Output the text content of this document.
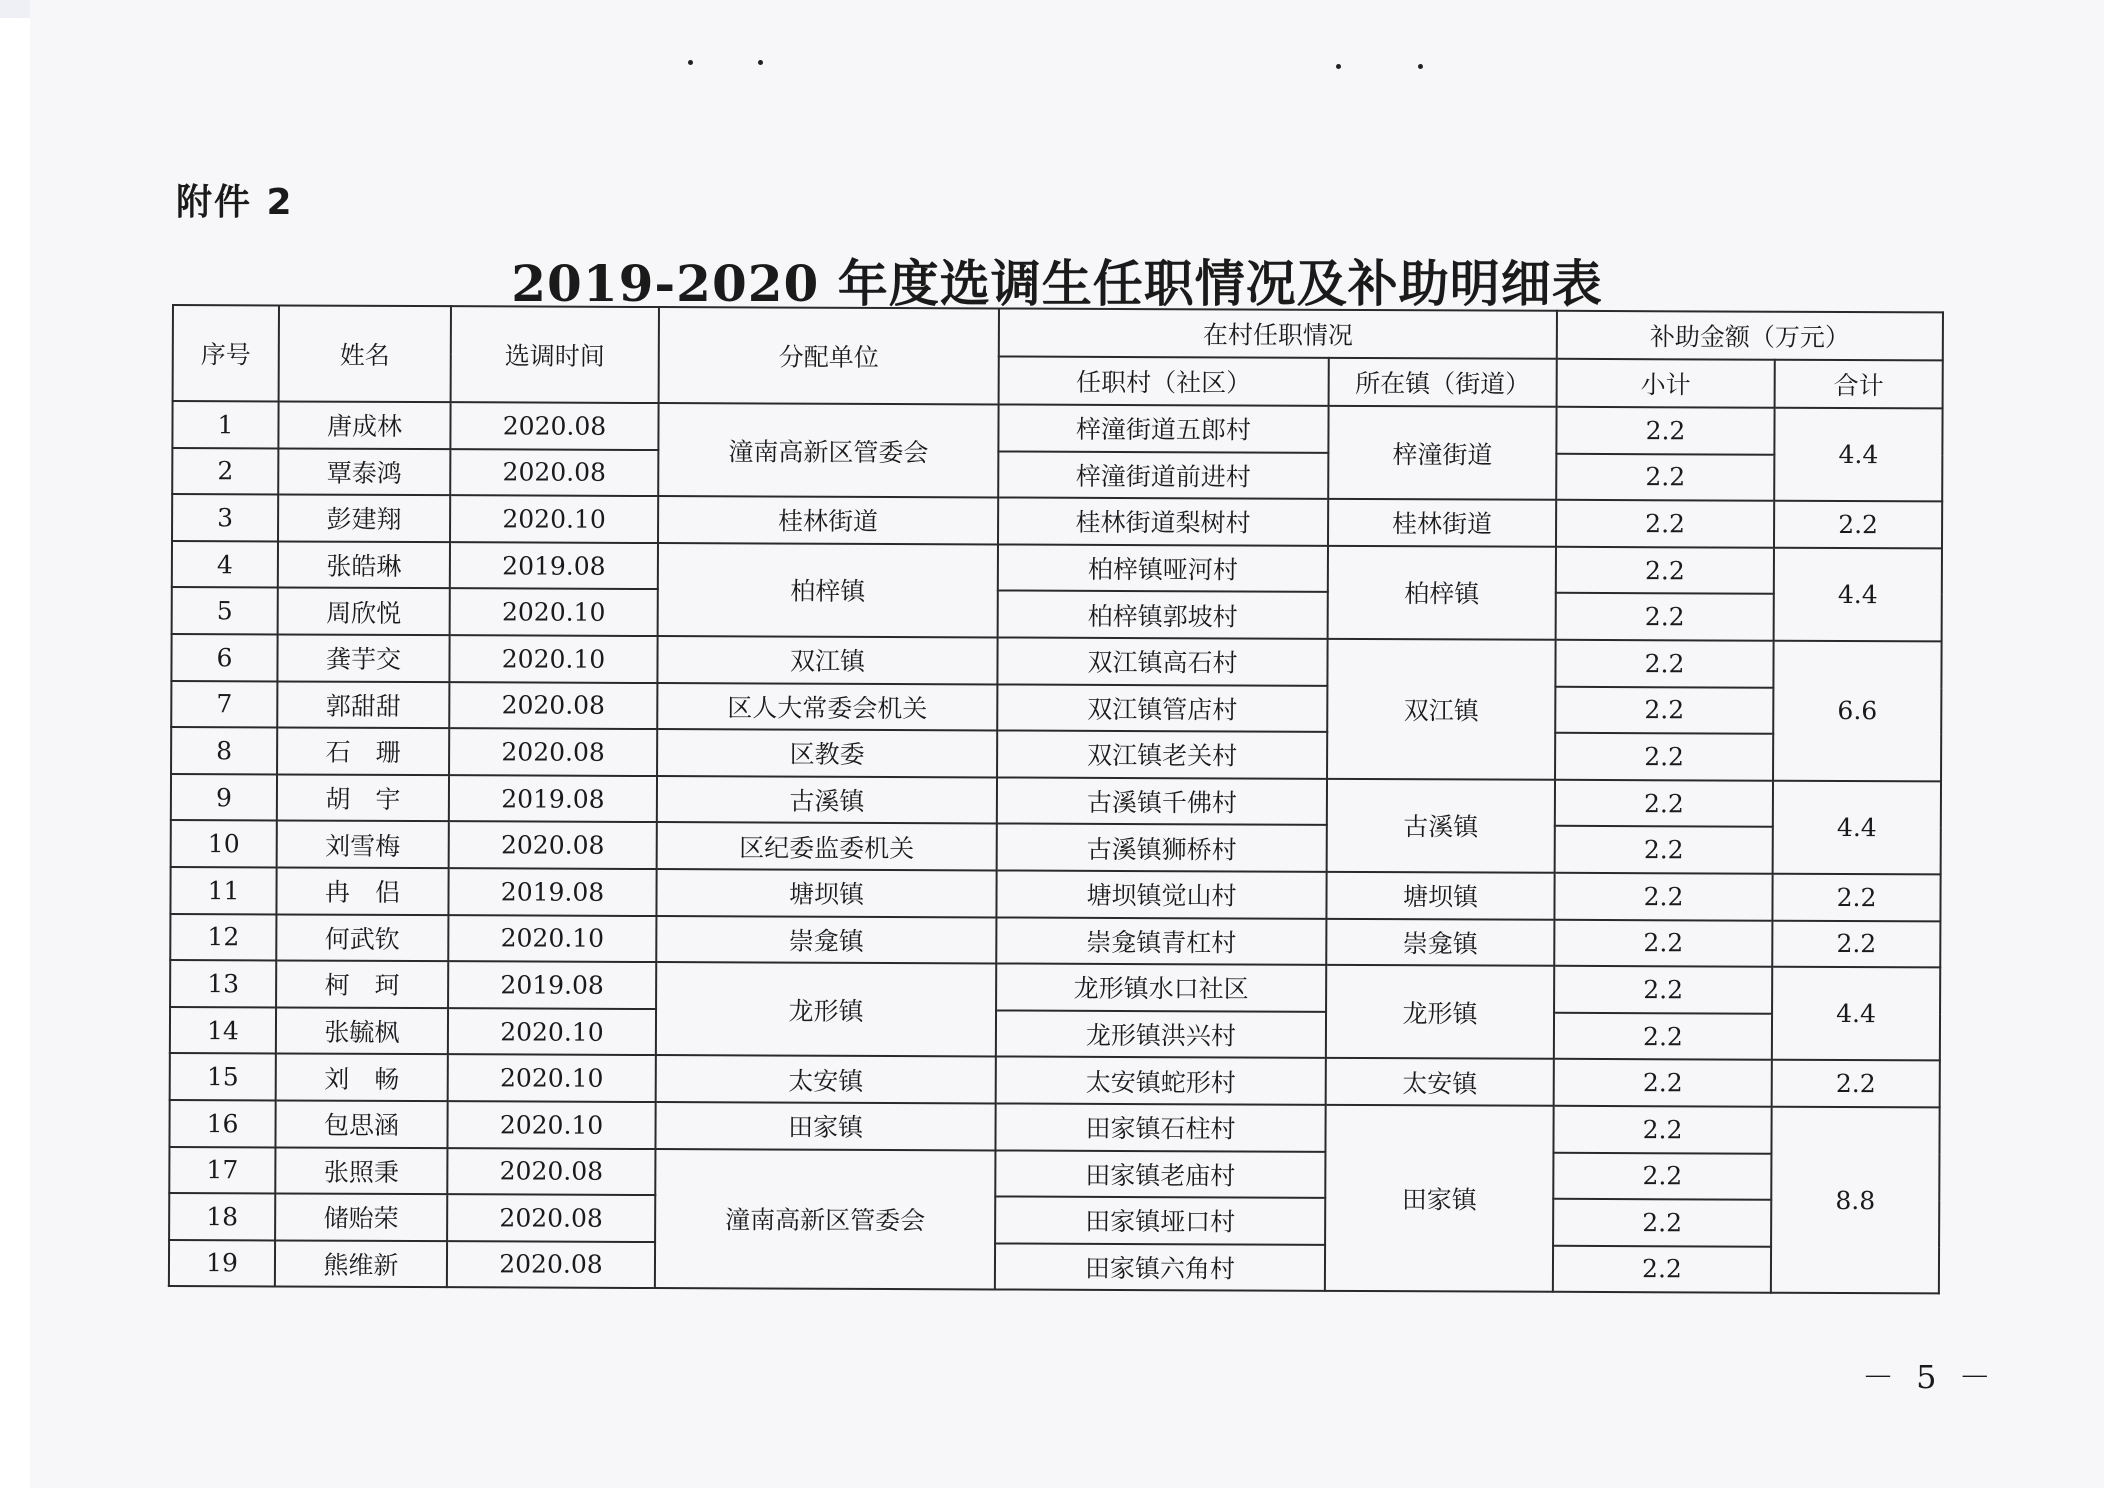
附件 2
2019-2020 年度选调生任职情况及补助明细表
序号	姓名	选调时间	分配单位	在村任职情况		补助金额（万元）	
				任职村（社区）	所在镇（街道）	小计	合计
1	唐成林	2020.08	潼南高新区管委会	梓潼街道五郎村	梓潼街道	2.2	4.4
2	覃泰鸿	2020.08		梓潼街道前进村		2.2	
3	彭建翔	2020.10	桂林街道	桂林街道梨树村	桂林街道	2.2	2.2
4	张皓琳	2019.08	柏梓镇	柏梓镇哑河村	柏梓镇	2.2	4.4
5	周欣悦	2020.10		柏梓镇郭坡村		2.2	
6	龚芋交	2020.10	双江镇	双江镇高石村	双江镇	2.2	6.6
7	郭甜甜	2020.08	区人大常委会机关	双江镇管店村		2.2	
8	石　珊	2020.08	区教委	双江镇老关村		2.2	
9	胡　宇	2019.08	古溪镇	古溪镇千佛村	古溪镇	2.2	4.4
10	刘雪梅	2020.08	区纪委监委机关	古溪镇狮桥村		2.2	
11	冉　侣	2019.08	塘坝镇	塘坝镇觉山村	塘坝镇	2.2	2.2
12	何武钦	2020.10	崇龛镇	崇龛镇青杠村	崇龛镇	2.2	2.2
13	柯　珂	2019.08	龙形镇	龙形镇水口社区	龙形镇	2.2	4.4
14	张毓枫	2020.10		龙形镇洪兴村		2.2	
15	刘　畅	2020.10	太安镇	太安镇蛇形村	太安镇	2.2	2.2
16	包思涵	2020.10	田家镇	田家镇石柱村	田家镇	2.2	8.8
17	张照秉	2020.08	潼南高新区管委会	田家镇老庙村		2.2	
18	储贻荣	2020.08		田家镇垭口村		2.2	
19	熊维新	2020.08		田家镇六角村		2.2	
－ 5 －
